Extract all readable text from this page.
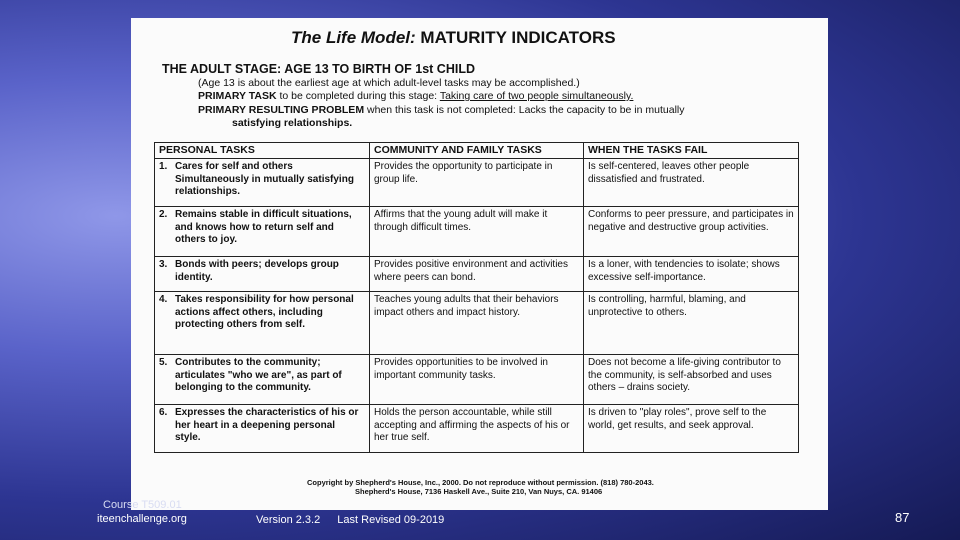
The Life Model: MATURITY INDICATORS
THE ADULT STAGE: AGE 13 TO BIRTH OF 1st CHILD
(Age 13 is about the earliest age at which adult-level tasks may be accomplished.)
PRIMARY TASK to be completed during this stage: Taking care of two people simultaneously.
PRIMARY RESULTING PROBLEM when this task is not completed: Lacks the capacity to be in mutually
satisfying relationships.
PERSONAL TASKS	COMMUNITY AND FAMILY TASKS	WHEN THE TASKS FAIL
1. Cares for self and others Simultaneously in mutually satisfying relationships.	Provides the opportunity to participate in group life.	Is self-centered, leaves other people dissatisfied and frustrated.
2. Remains stable in difficult situations, and knows how to return self and others to joy.	Affirms that the young adult will make it through difficult times.	Conforms to peer pressure, and participates in negative and destructive group activities.
3. Bonds with peers; develops group identity.	Provides positive environment and activities where peers can bond.	Is a loner, with tendencies to isolate; shows excessive self-importance.
4. Takes responsibility for how personal actions affect others, including protecting others from self.	Teaches young adults that their behaviors impact others and impact history.	Is controlling, harmful, blaming, and unprotective to others.
5. Contributes to the community; articulates "who we are", as part of belonging to the community.	Provides opportunities to be involved in important community tasks.	Does not become a life-giving contributor to the community, is self-absorbed and uses others – drains society.
6. Expresses the characteristics of his or her heart in a deepening personal style.	Holds the person accountable, while still accepting and affirming the aspects of his or her true self.	Is driven to "play roles", prove self to the world, get results, and seek approval.
Copyright by Shepherd's House, Inc., 2000. Do not reproduce without permission. (818) 780-2043.
Shepherd's House, 7136 Haskell Ave., Suite 210, Van Nuys, CA. 91406
Course T509.01
iteenchallenge.org	Version 2.3.2 Last Revised 09-2019	87
